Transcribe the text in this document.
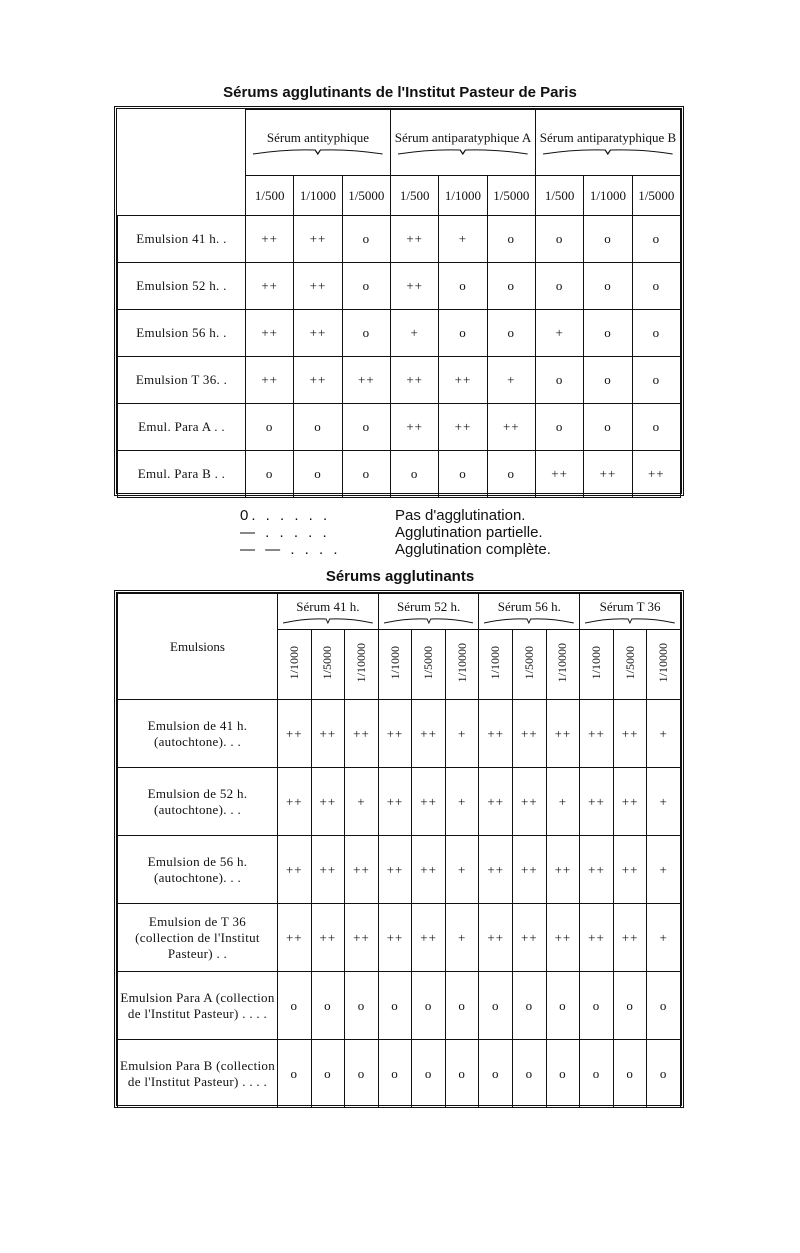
Sérums agglutinants de l'Institut Pasteur de Paris
	Sérum antityphique			Sérum antiparatyphique A			Sérum antiparatyphique B		

	1/500	1/1000	1/5000	1/500	1/1000	1/5000	1/500	1/1000	1/5000
Emulsion 41 h. .	++	++	o	++	+	o	o	o	o
Emulsion 52 h. .	++	++	o	++	o	o	o	o	o
Emulsion 56 h. .	++	++	o	+	o	o	+	o	o
Emulsion T 36. .	++	++	++	++	++	+	o	o	o
Emul. Para A . .	o	o	o	++	++	++	o	o	o
Emul. Para B . .	o	o	o	o	o	o	++	++	++
0. . . . . .	Pas d'agglutination.
— . . . . .	Agglutination partielle.
— — . . . .	Agglutination complète.
Sérums agglutinants
Emulsions	Sérum 41 h.			Sérum 52 h.			Sérum 56 h.			Sérum T 36		

	1/1000	1/5000	1/10000	1/1000	1/5000	1/10000	1/1000	1/5000	1/10000	1/1000	1/5000	1/10000
Emulsion de 41 h. (autochtone). . .	++	++	++	++	++	+	++	++	++	++	++	+
Emulsion de 52 h. (autochtone). . .	++	++	+	++	++	+	++	++	+	++	++	+
Emulsion de 56 h. (autochtone). . .	++	++	++	++	++	+	++	++	++	++	++	+
Emulsion de T 36 (collection de l'Institut Pasteur) . .	++	++	++	++	++	+	++	++	++	++	++	+
Emulsion Para A (collection de l'Institut Pasteur) . . . .	o	o	o	o	o	o	o	o	o	o	o	o
Emulsion Para B (collection de l'Institut Pasteur) . . . .	o	o	o	o	o	o	o	o	o	o	o	o
